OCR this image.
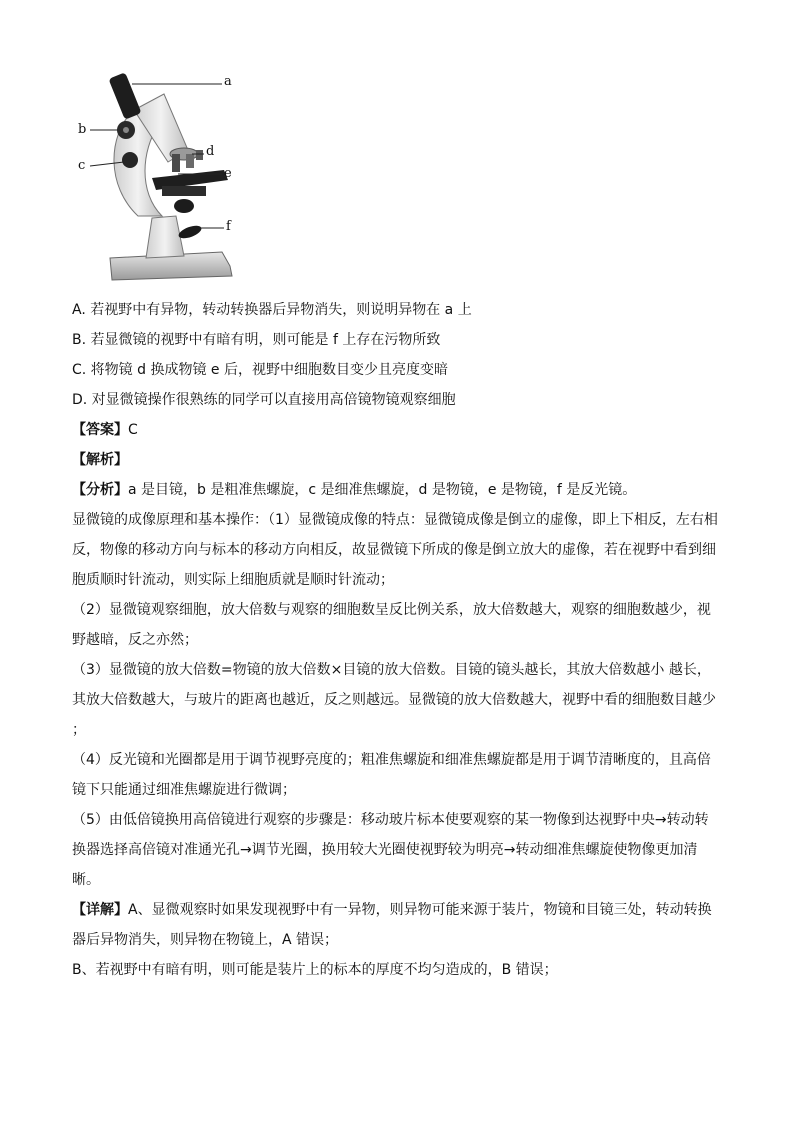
a
b
c
d
e
f
A. 若视野中有异物，转动转换器后异物消失，则说明异物在 a 上
B. 若显微镜的视野中有暗有明，则可能是 f 上存在污物所致
C. 将物镜 d 换成物镜 e 后，视野中细胞数目变少且亮度变暗
D. 对显微镜操作很熟练的同学可以直接用高倍镜物镜观察细胞
【答案】C
【解析】
【分析】a 是目镜，b 是粗准焦螺旋，c 是细准焦螺旋，d 是物镜，e 是物镜，f 是反光镜。
显微镜的成像原理和基本操作：（1）显微镜成像的特点：显微镜成像是倒立的虚像，即上下相反，左右相反，物像的移动方向与标本的移动方向相反，故显微镜下所成的像是倒立放大的虚像，若在视野中看到细胞质顺时针流动，则实际上细胞质就是顺时针流动；
（2）显微镜观察细胞，放大倍数与观察的细胞数呈反比例关系，放大倍数越大，观察的细胞数越少，视野越暗，反之亦然；
（3）显微镜的放大倍数=物镜的放大倍数×目镜的放大倍数。目镜的镜头越长，其放大倍数越小 越长，其放大倍数越大，与玻片的距离也越近，反之则越远。显微镜的放大倍数越大，视野中看的细胞数目越少 ；
（4）反光镜和光圈都是用于调节视野亮度的；粗准焦螺旋和细准焦螺旋都是用于调节清晰度的，且高倍镜下只能通过细准焦螺旋进行微调；
（5）由低倍镜换用高倍镜进行观察的步骤是：移动玻片标本使要观察的某一物像到达视野中央→转动转换器选择高倍镜对准通光孔→调节光圈，换用较大光圈使视野较为明亮→转动细准焦螺旋使物像更加清晰。
【详解】A、显微观察时如果发现视野中有一异物，则异物可能来源于装片，物镜和目镜三处，转动转换器后异物消失，则异物在物镜上，A 错误；
B、若视野中有暗有明，则可能是装片上的标本的厚度不均匀造成的，B 错误；
